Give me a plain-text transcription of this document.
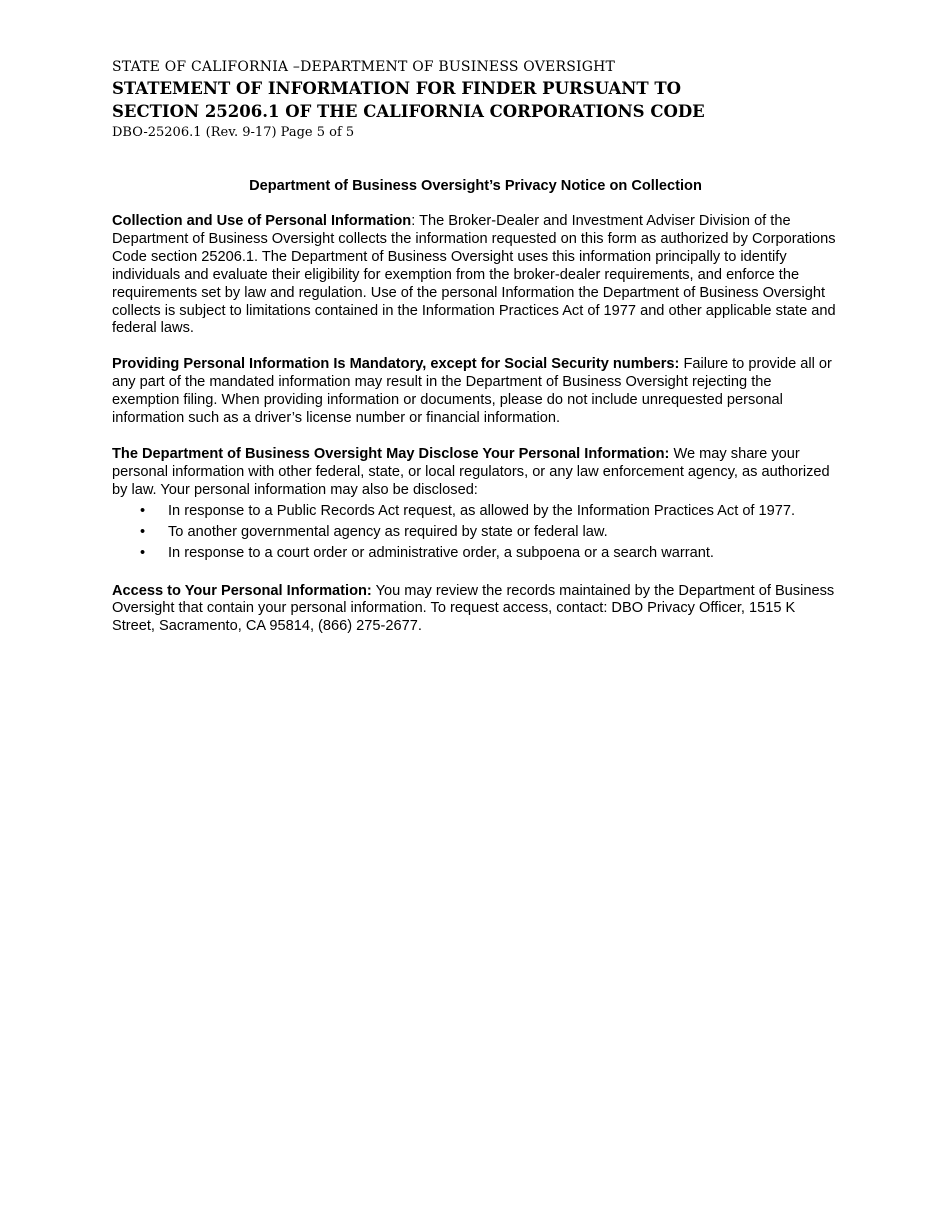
STATE OF CALIFORNIA –DEPARTMENT OF BUSINESS OVERSIGHT
STATEMENT OF INFORMATION FOR FINDER PURSUANT TO
SECTION 25206.1 OF THE CALIFORNIA CORPORATIONS CODE
DBO-25206.1 (Rev. 9-17) Page 5 of 5
Department of Business Oversight’s Privacy Notice on Collection
Collection and Use of Personal Information: The Broker-Dealer and Investment Adviser Division of the Department of Business Oversight collects the information requested on this form as authorized by Corporations Code section 25206.1. The Department of Business Oversight uses this information principally to identify individuals and evaluate their eligibility for exemption from the broker-dealer requirements, and enforce the requirements set by law and regulation. Use of the personal Information the Department of Business Oversight collects is subject to limitations contained in the Information Practices Act of 1977 and other applicable state and federal laws.
Providing Personal Information Is Mandatory, except for Social Security numbers: Failure to provide all or any part of the mandated information may result in the Department of Business Oversight rejecting the exemption filing. When providing information or documents, please do not include unrequested personal information such as a driver’s license number or financial information.
The Department of Business Oversight May Disclose Your Personal Information: We may share your personal information with other federal, state, or local regulators, or any law enforcement agency, as authorized by law. Your personal information may also be disclosed:
• In response to a Public Records Act request, as allowed by the Information Practices Act of 1977.
• To another governmental agency as required by state or federal law.
• In response to a court order or administrative order, a subpoena or a search warrant.
Access to Your Personal Information: You may review the records maintained by the Department of Business Oversight that contain your personal information. To request access, contact: DBO Privacy Officer, 1515 K Street, Sacramento, CA 95814, (866) 275-2677.
